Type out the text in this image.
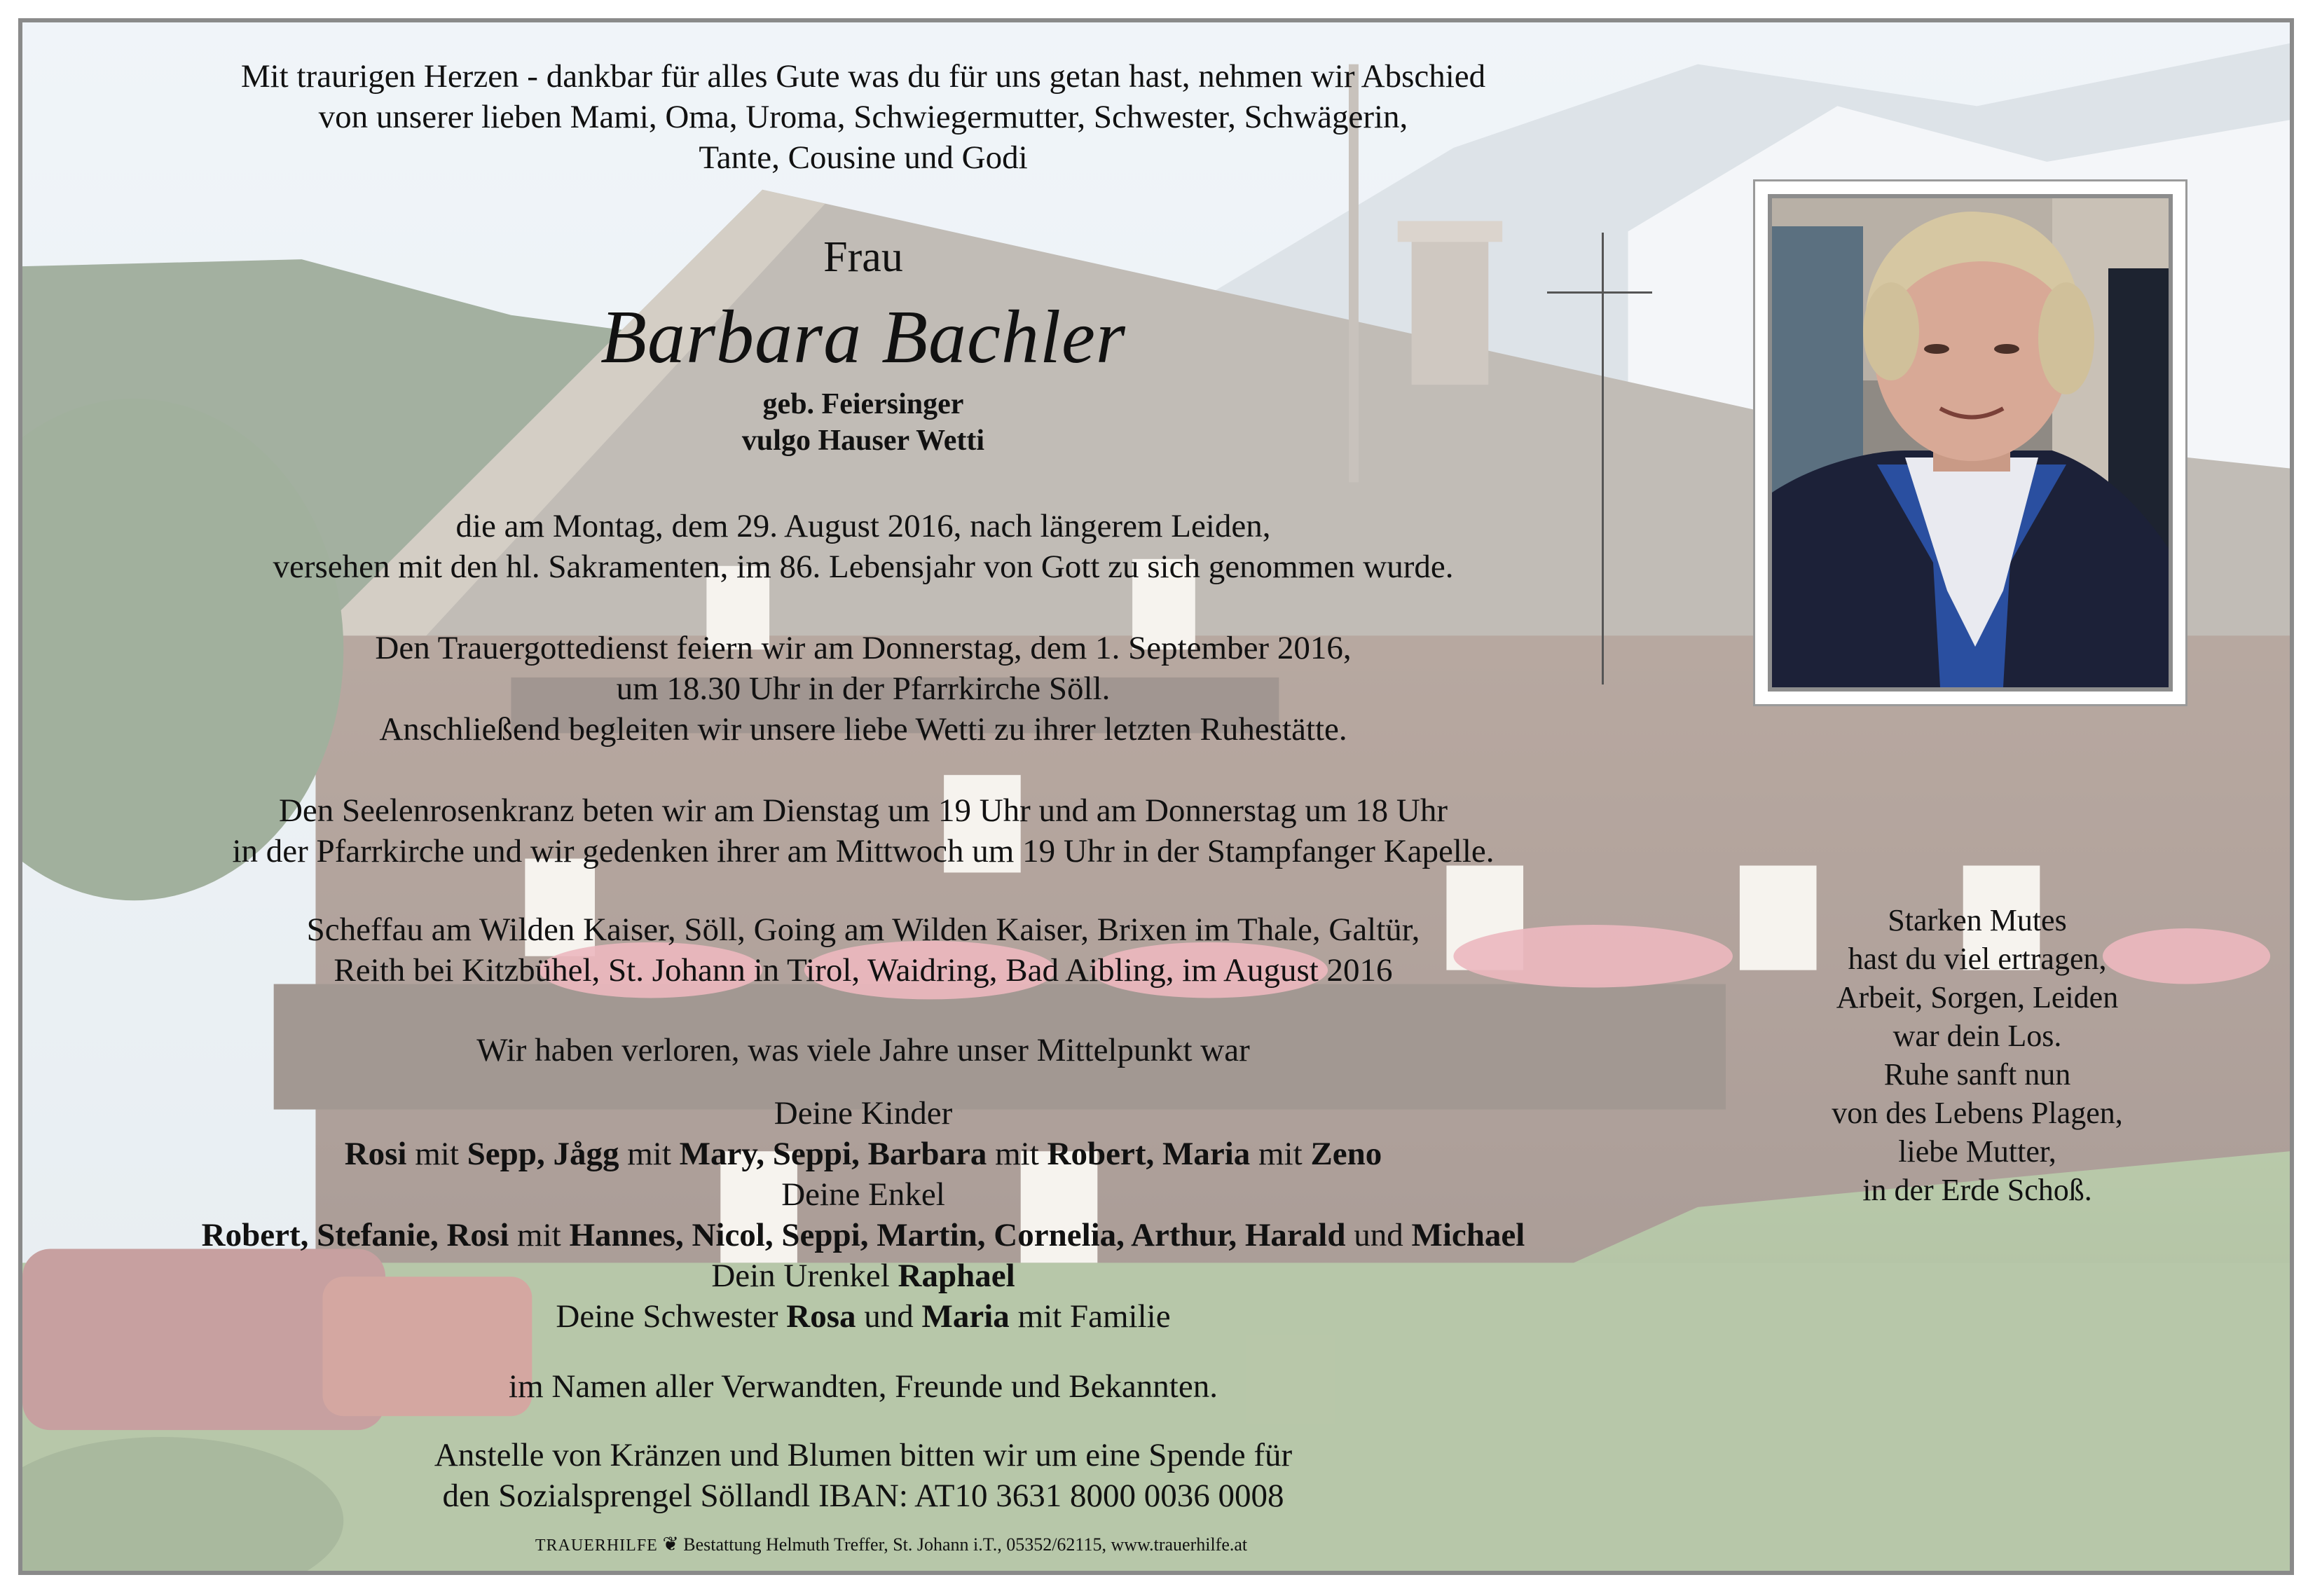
Mit traurigen Herzen - dankbar für alles Gute was du für uns getan hast, nehmen wir Abschied
von unserer lieben Mami, Oma, Uroma, Schwiegermutter, Schwester, Schwägerin,
Tante, Cousine und Godi
Frau
Barbara Bachler
geb. Feiersinger
vulgo Hauser Wetti
die am Montag, dem 29. August 2016, nach längerem Leiden,
versehen mit den hl. Sakramenten, im 86. Lebensjahr von Gott zu sich genommen wurde.
Den Trauergottedienst feiern wir am Donnerstag, dem 1. September 2016,
um 18.30 Uhr in der Pfarrkirche Söll.
Anschließend begleiten wir unsere liebe Wetti zu ihrer letzten Ruhestätte.
Den Seelenrosenkranz beten wir am Dienstag um 19 Uhr und am Donnerstag um 18 Uhr
in der Pfarrkirche und wir gedenken ihrer am Mittwoch um 19 Uhr in der Stampfanger Kapelle.
Scheffau am Wilden Kaiser, Söll, Going am Wilden Kaiser, Brixen im Thale, Galtür,
Reith bei Kitzbühel, St. Johann in Tirol, Waidring, Bad Aibling, im August 2016
Wir haben verloren, was viele Jahre unser Mittelpunkt war
Deine Kinder
Rosi mit Sepp, Jågg mit Mary, Seppi, Barbara mit Robert, Maria mit Zeno
Deine Enkel
Robert, Stefanie, Rosi mit Hannes, Nicol, Seppi, Martin, Cornelia, Arthur, Harald und Michael
Dein Urenkel Raphael
Deine Schwester Rosa und Maria mit Familie
im Namen aller Verwandten, Freunde und Bekannten.
Anstelle von Kränzen und Blumen bitten wir um eine Spende für
den Sozialsprengel Söllandl IBAN: AT10 3631 8000 0036 0008
Starken Mutes
hast du viel ertragen,
Arbeit, Sorgen, Leiden
war dein Los.
Ruhe sanft nun
von des Lebens Plagen,
liebe Mutter,
in der Erde Schoß.
TRAUERHILFE ❦ Bestattung Helmuth Treffer, St. Johann i.T., 05352/62115, www.trauerhilfe.at
